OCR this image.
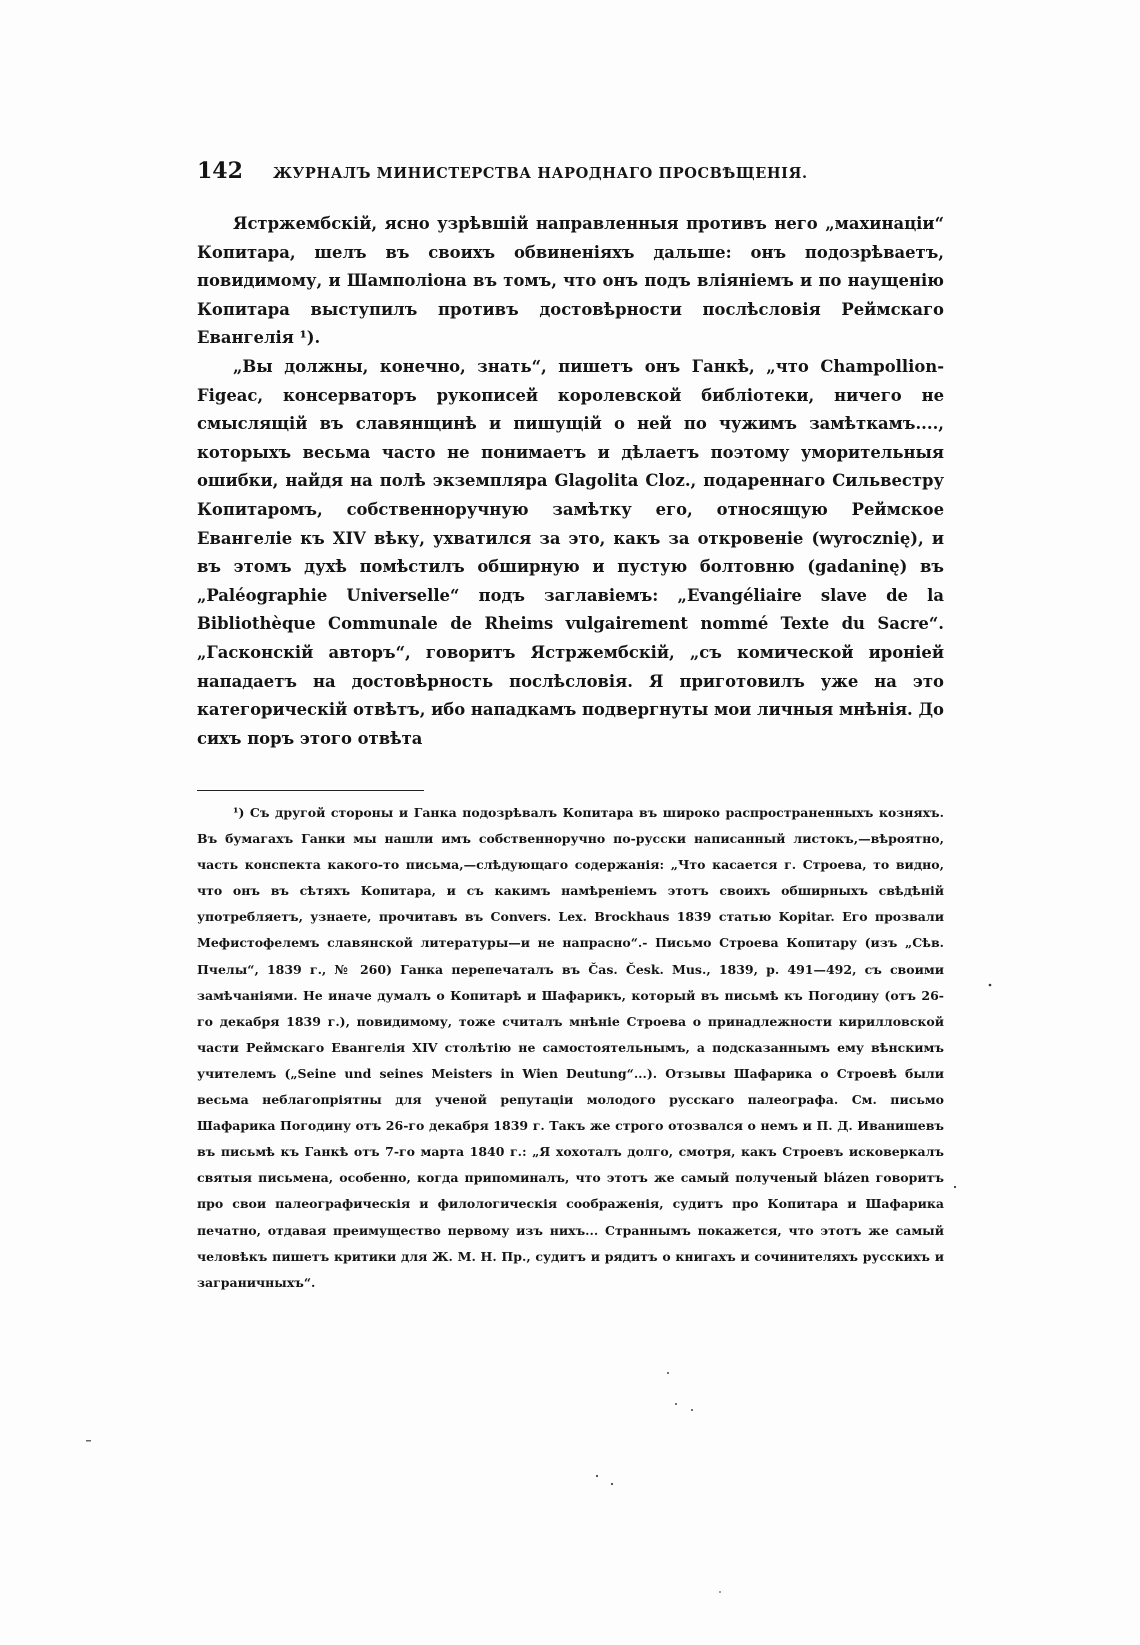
142 ЖУРНАЛЪ МИНИСТЕРСТВА НАРОДНАГО ПРОСВѢЩЕНІЯ.

Ястржембскій, ясно узрѣвшій направленныя противъ него „махинаціи“ Копитара, шелъ въ своихъ обвиненіяхъ дальше: онъ подозрѣваетъ, повидимому, и Шамполіона въ томъ, что онъ подъ вліяніемъ и по наущенію Копитара выступилъ противъ достовѣрности послѣсловія Реймскаго Евангелія ¹).

„Вы должны, конечно, знать“, пишетъ онъ Ганкѣ, „что Champollion-Figeac, консерваторъ рукописей королевской библіотеки, ничего не смыслящій въ славянщинѣ и пишущій о ней по чужимъ замѣткамъ...., которыхъ весьма часто не понимаетъ и дѣлаетъ поэтому уморительныя ошибки, найдя на полѣ экземпляра Glagolita Cloz., подареннаго Сильвестру Копитаромъ, собственноручную замѣтку его, относящую Реймское Евангеліе къ XIV вѣку, ухватился за это, какъ за откровеніе (wyrocznię), и въ этомъ духѣ помѣстилъ обширную и пустую болтовню (gadaninę) въ „Paléographie Universelle“ подъ заглавіемъ: „Evangéliaire slave de la Bibliothèque Communale de Rheims vulgairement nommé Texte du Sacre“. „Гасконскій авторъ“, говоритъ Ястржембскій, „съ комической ироніей нападаетъ на достовѣрность послѣсловія. Я приготовилъ уже на это категорическій отвѣтъ, ибо нападкамъ подвергнуты мои личныя мнѣнія. До сихъ поръ этого отвѣта

¹) Съ другой стороны и Ганка подозрѣвалъ Копитара въ широко распространенныхъ козняхъ. Въ бумагахъ Ганки мы нашли имъ собственноручно по-русски написанный листокъ,—вѣроятно, часть конспекта какого-то письма,—слѣдующаго содержанія: „Что касается г. Строева, то видно, что онъ въ сѣтяхъ Копитара, и съ какимъ намѣреніемъ этотъ своихъ обширныхъ свѣдѣній употребляетъ, узнаете, прочитавъ въ Convers. Lex. Brockhaus 1839 статью Kopitar. Его прозвали Мефистофелемъ славянской литературы—и не напрасно“.- Письмо Строева Копитару (изъ „Сѣв. Пчелы“, 1839 г., № 260) Ганка перепечаталъ въ Čas. Česk. Mus., 1839, p. 491—492, съ своими замѣчаніями. Не иначе думалъ о Копитарѣ и Шафарикъ, который въ письмѣ къ Погодину (отъ 26-го декабря 1839 г.), повидимому, тоже считалъ мнѣніе Строева о принадлежности кирилловской части Реймскаго Евангелія XIV столѣтію не самостоятельнымъ, а подсказаннымъ ему вѣнскимъ учителемъ („Seine und seines Meisters in Wien Deutung“...). Отзывы Шафарика о Строевѣ были весьма неблагопріятны для ученой репутаціи молодого русскаго палеографа. См. письмо Шафарика Погодину отъ 26-го декабря 1839 г. Такъ же строго отозвался о немъ и П. Д. Иванишевъ въ письмѣ къ Ганкѣ отъ 7-го марта 1840 г.: „Я хохоталъ долго, смотря, какъ Строевъ исковеркалъ святыя письмена, особенно, когда припоминалъ, что этотъ же самый полученый blázen говоритъ про свои палеографическія и филологическія соображенія, судитъ про Копитара и Шафарика печатно, отдавая преимущество первому изъ нихъ... Страннымъ покажется, что этотъ же самый человѣкъ пишетъ критики для Ж. М. Н. Пр., судитъ и рядитъ о книгахъ и сочинителяхъ русскихъ и заграничныхъ“.
